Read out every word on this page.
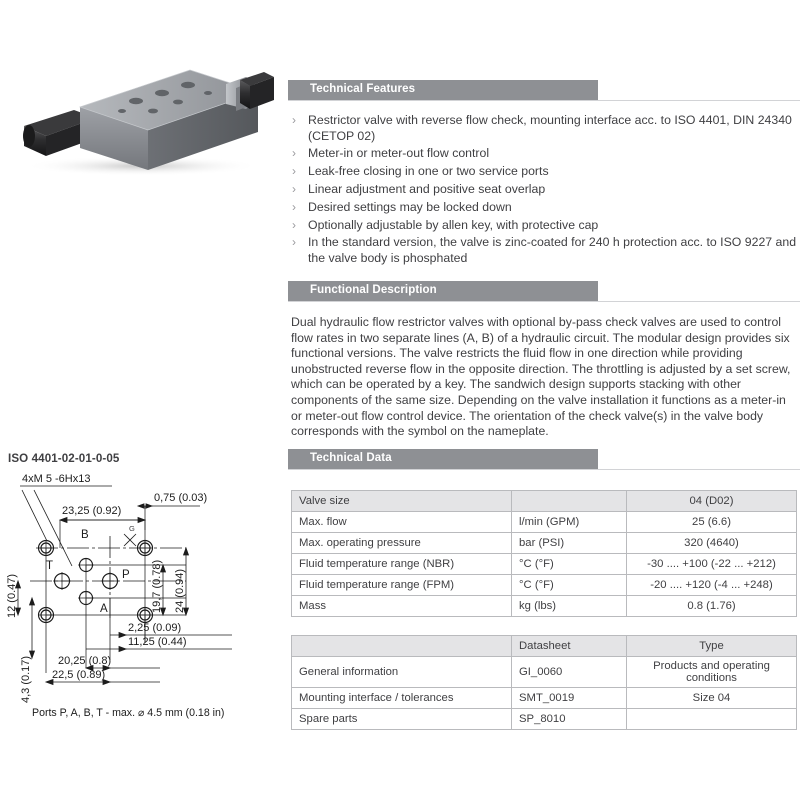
ISO 4401-02-01-0-05
G
B
T
P
A
4xM 5 -6Hx13
23,25 (0.92)
0,75 (0.03)
19,7 (0.78) 24 (0.94)
2,25 (0.09)
11,25 (0.44)
12 (0.47)
4,3 (0.17) 20,25 (0.8)
22,5 (0.89)
Ports P, A, B, T - max. ⌀ 4.5 mm (0.18 in)
Technical Features
› Restrictor valve with reverse flow check, mounting interface acc. to ISO 4401, DIN 24340 (CETOP 02)
› Meter-in or meter-out flow control
› Leak-free closing in one or two service ports
› Linear adjustment and positive seat overlap
› Desired settings may be locked down
› Optionally adjustable by allen key, with protective cap
› In the standard version, the valve is zinc-coated for 240 h protection acc. to ISO 9227 and the valve body is phosphated
Functional Description
Dual hydraulic flow restrictor valves with optional by-pass check valves are used to control flow rates in two separate lines (A, B) of a hydraulic circuit. The modular design provides six functional versions. The valve restricts the fluid flow in one direction while providing unobstructed reverse flow in the opposite direction. The throttling is adjusted by a set screw, which can be operated by a key. The sandwich design supports stacking with other components of the same size. Depending on the valve installation it functions as a meter-in or meter-out flow control device. The orientation of the check valve(s) in the valve body corresponds with the symbol on the nameplate.
Technical Data
Valve size		04 (D02)
Max. flow	l/min (GPM)	25 (6.6)
Max. operating pressure	bar (PSI)	320 (4640)
Fluid temperature range (NBR)	°C (°F)	-30 .... +100 (-22 ... +212)
Fluid temperature range (FPM)	°C (°F)	-20 .... +120 (-4 ... +248)
Mass	kg (lbs)	0.8 (1.76)
	Datasheet	Type
General information	GI_0060	Products and operating conditions
Mounting interface / tolerances	SMT_0019	Size 04
Spare parts	SP_8010	
